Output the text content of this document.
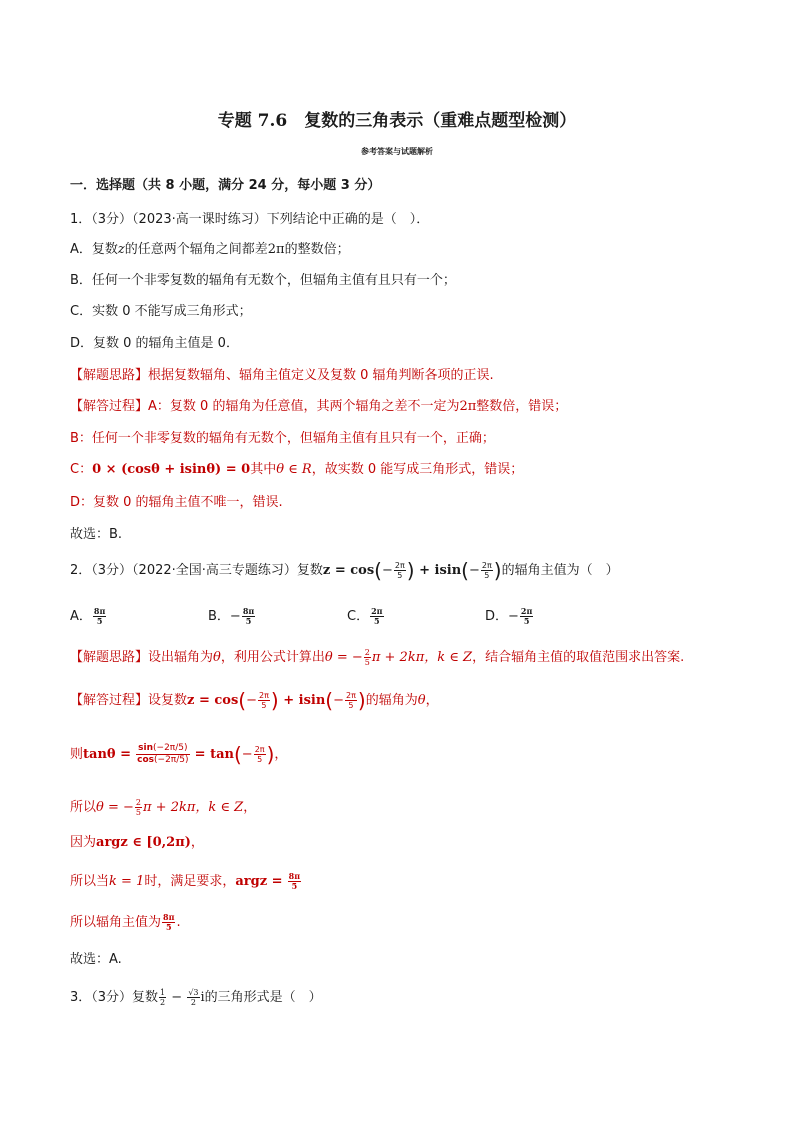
专题 7.6　复数的三角表示（重难点题型检测）
参考答案与试题解析
一．选择题（共 8 小题，满分 24 分，每小题 3 分）
1．（3分）（2023·高一课时练习）下列结论中正确的是（　）．
A．复数z的任意两个辐角之间都差2π的整数倍；
B．任何一个非零复数的辐角有无数个，但辐角主值有且只有一个；
C．实数 0 不能写成三角形式；
D．复数 0 的辐角主值是 0．
【解题思路】根据复数辐角、辐角主值定义及复数 0 辐角判断各项的正误.
【解答过程】A：复数 0 的辐角为任意值，其两个辐角之差不一定为2π整数倍，错误；
B：任何一个非零复数的辐角有无数个，但辐角主值有且只有一个，正确；
C：0 × (cosθ + isinθ) = 0其中θ ∈ R，故实数 0 能写成三角形式，错误；
D：复数 0 的辐角主值不唯一，错误.
故选：B.
2．（3分）（2022·全国·高三专题练习）复数$z = \cos(- \frac{2\pi}{5}$ ) + $isin(- \frac{2\pi}{5}$ )的辐角主值为（　）
A． $\frac{8\pi}{5}$	B．− $\frac{8\pi}{5}$	C． $\frac{2\pi}{5}$	D．− $\frac{2\pi}{5}$
【解题思路】设出辐角为θ，利用公式计算出θ = − $\frac{2}{5}$ π + 2kπ，k ∈ Z，结合辐角主值的取值范围求出答案.
【解答过程】设复数$z = \cos(- \frac{2\pi}{5}$ ) + $isin(- \frac{2\pi}{5}$ )的辐角为θ，
则$\tan\theta = \frac{\sin(-2\pi/5)}{\cos(-2\pi/5)} = \tan(- \frac{2\pi}{5}$ )，
所以θ = − $\frac{2}{5}$ π + 2kπ，k ∈ Z，
因为argz ∈ [0,2π)，
所以当k = 1时，满足要求，argz = $\frac{8\pi}{5}$
所以辐角主值为 $\frac{8\pi}{5}$ .
故选：A.
3．（3分）复数 $\frac{1}{2} - \frac{√3}{2}$ i的三角形式是（　）
